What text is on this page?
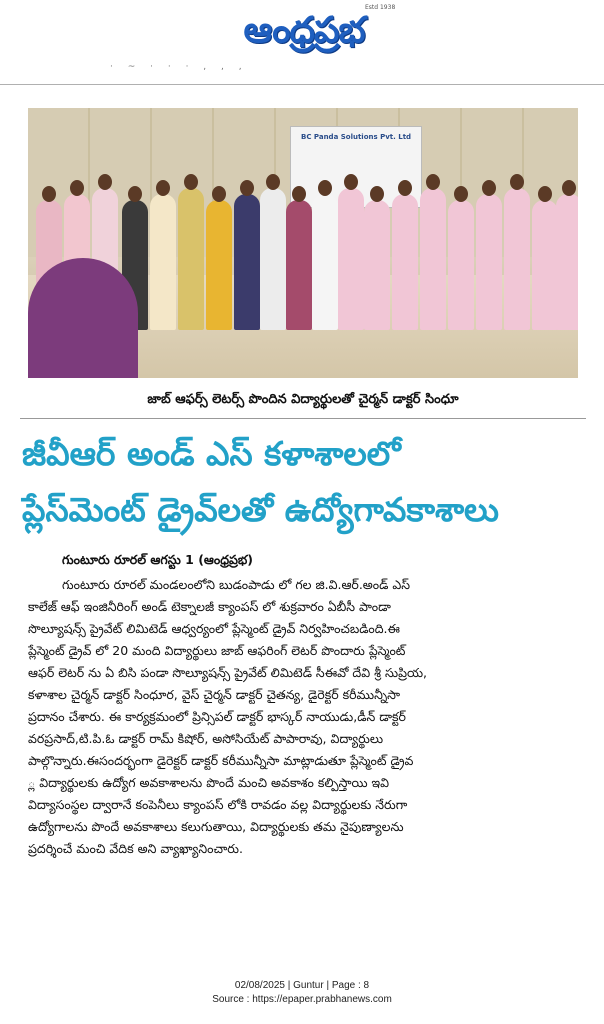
ఆంధ్రప్రభ
Estd 1938
· ~ · · · , , ,
BC Panda Solutions Pvt. Ltd
జాబ్ ఆఫర్స్ లెటర్స్ పొందిన విద్యార్థులతో చైర్మన్ డాక్టర్ సింధూ
జీవీఆర్ అండ్ ఎస్ కళాశాలలో
ప్లేస్‌మెంట్ డ్రైవ్‌లతో ఉద్యోగావకాశాలు
గుంటూరు రూరల్ ఆగస్టు 1 (ఆంధ్రప్రభ)
గుంటూరు రూరల్ మండలంలోని బుడంపాడు లో గల జి.వి.ఆర్.అండ్ ఎస్
కాలేజ్ ఆఫ్ ఇంజినీరింగ్ అండ్ టెక్నాలజీ క్యాంపస్ లో శుక్రవారం ఏబీసీ పాండా
సొల్యూషన్స్ ప్రైవేట్ లిమిటెడ్ ఆధ్వర్యంలో ప్లేస్మెంట్ డ్రైవ్ నిర్వహించబడింది.ఈ
ప్లేస్మెంట్ డ్రైవ్ లో 20 మంది విద్యార్థులు జాబ్ ఆఫరింగ్ లెటర్ పొందారు ప్లేస్మెంట్
ఆఫర్ లెటర్ ను ఏ బిసి పండా సొల్యూషన్స్ ప్రైవేట్ లిమిటెడ్ సీఈవో దేవి శ్రీ సుప్రియ,
కళాశాల చైర్మన్ డాక్టర్ సింధూర, వైస్ చైర్మన్ డాక్టర్ చైతన్య, డైరెక్టర్ కరీమున్నీసా
ప్రదానం చేశారు. ఈ కార్యక్రమంలో ప్రిన్సిపల్ డాక్టర్ భాస్కర్ నాయుడు,డీన్ డాక్టర్
వరప్రసాద్,టి.పి.ఓ డాక్టర్ రామ్ కిషోర్, అసోసియేట్ పాపారావు, విద్యార్థులు
పాల్గొన్నారు.ఈసందర్భంగా డైరెక్టర్ డాక్టర్ కరీమున్నీసా మాట్లాడుతూ ప్లేస్మెంట్ డ్రైవ
్ల విద్యార్థులకు ఉద్యోగ అవకాశాలను పొందే మంచి అవకాశం కల్పిస్తాయి ఇవి
విద్యాసంస్థల ద్వారానే కంపెనీలు క్యాంపస్ లోకి రావడం వల్ల విద్యార్థులకు నేరుగా
ఉద్యోగాలను పొందే అవకాశాలు కలుగుతాయి, విద్యార్థులకు తమ నైపుణ్యాలను
ప్రదర్శించే మంచి వేదిక అని వ్యాఖ్యానించారు.
02/08/2025 | Guntur | Page : 8
Source : https://epaper.prabhanews.com
